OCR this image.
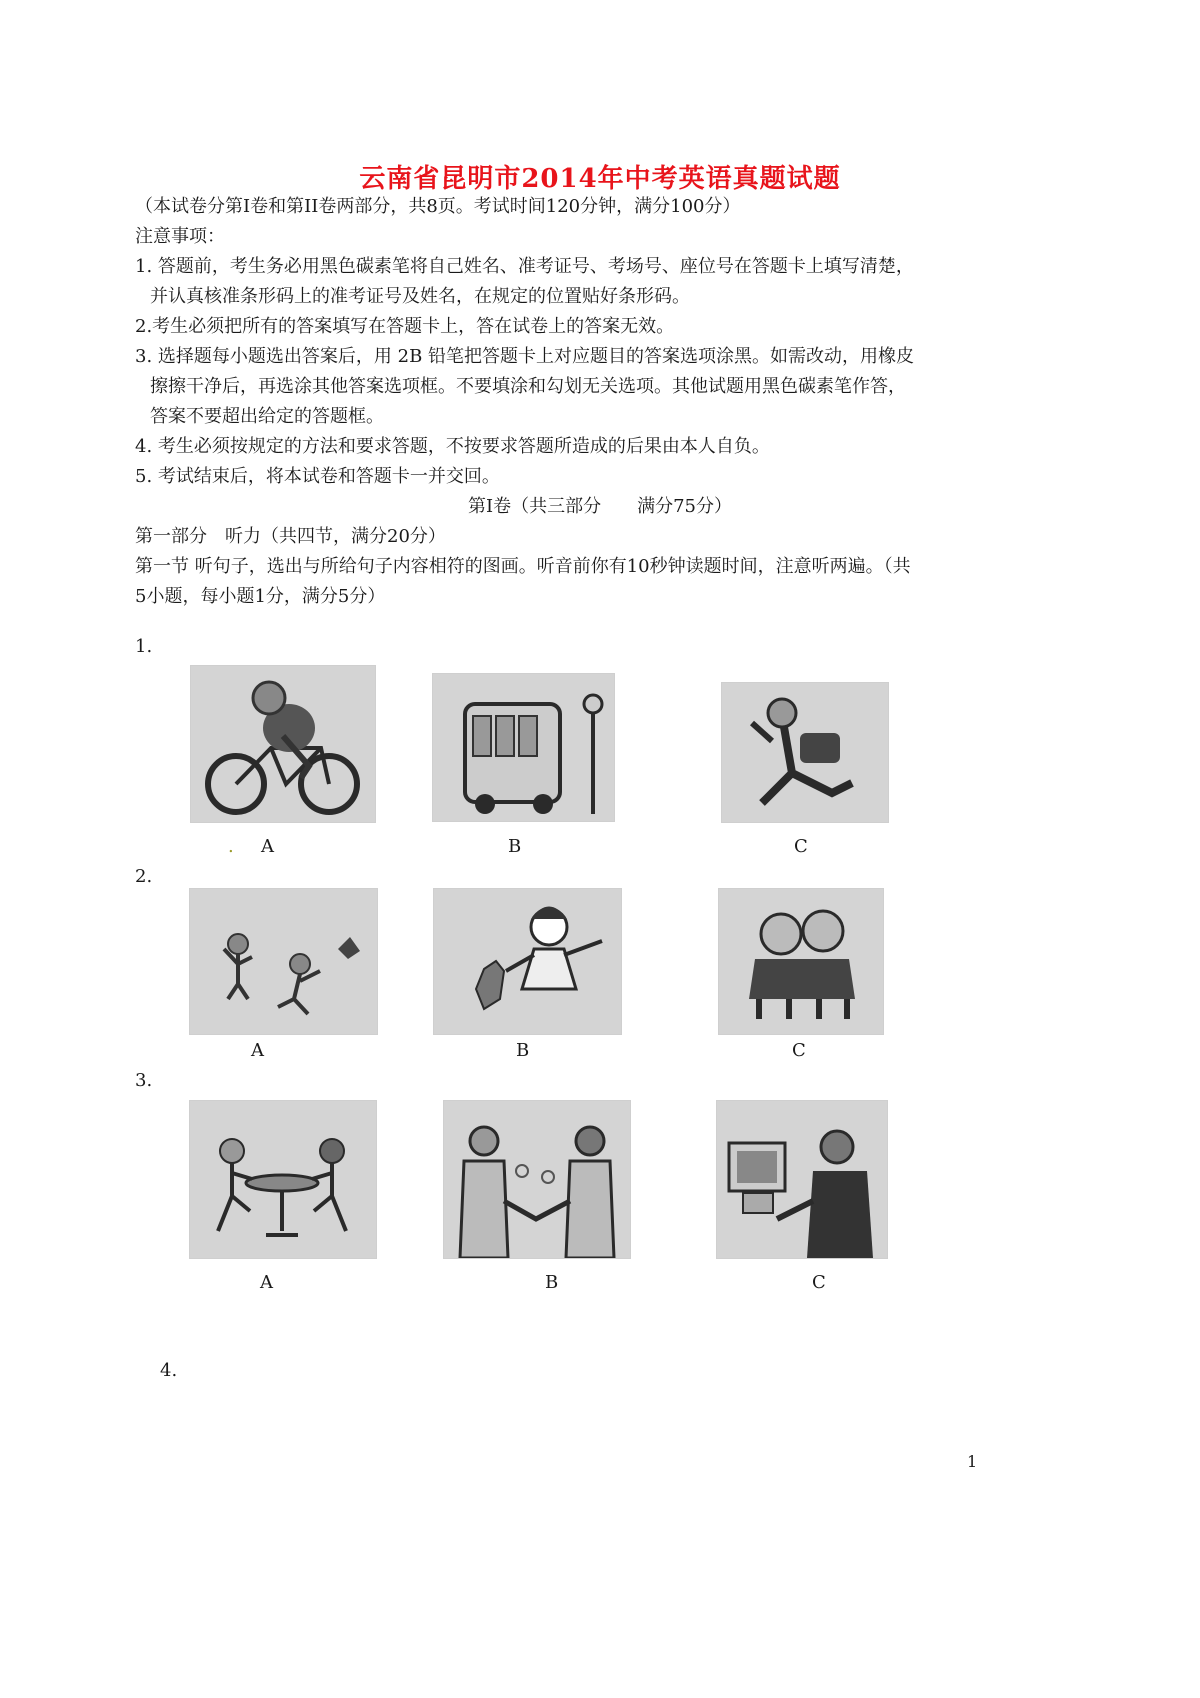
云南省昆明市2014年中考英语真题试题
（本试卷分第I卷和第II卷两部分，共8页。考试时间120分钟，满分100分）
注意事项：
1. 答题前，考生务必用黑色碳素笔将自己姓名、准考证号、考场号、座位号在答题卡上填写清楚，
并认真核准条形码上的准考证号及姓名，在规定的位置贴好条形码。
2.考生必须把所有的答案填写在答题卡上，答在试卷上的答案无效。
3. 选择题每小题选出答案后，用 2B 铅笔把答题卡上对应题目的答案选项涂黑。如需改动，用橡皮
擦擦干净后，再选涂其他答案选项框。不要填涂和勾划无关选项。其他试题用黑色碳素笔作答，
答案不要超出给定的答题框。
4. 考生必须按规定的方法和要求答题，不按要求答题所造成的后果由本人自负。
5. 考试结束后，将本试卷和答题卡一并交回。
第I卷（共三部分　　满分75分）
第一部分　听力（共四节，满分20分）
第一节 听句子，选出与所给句子内容相符的图画。听音前你有10秒钟读题时间，注意听两遍。（共
5小题，每小题1分，满分5分）
1.
. A	B	C
2.
A	B	C
3.
A	B	C
4.
1
